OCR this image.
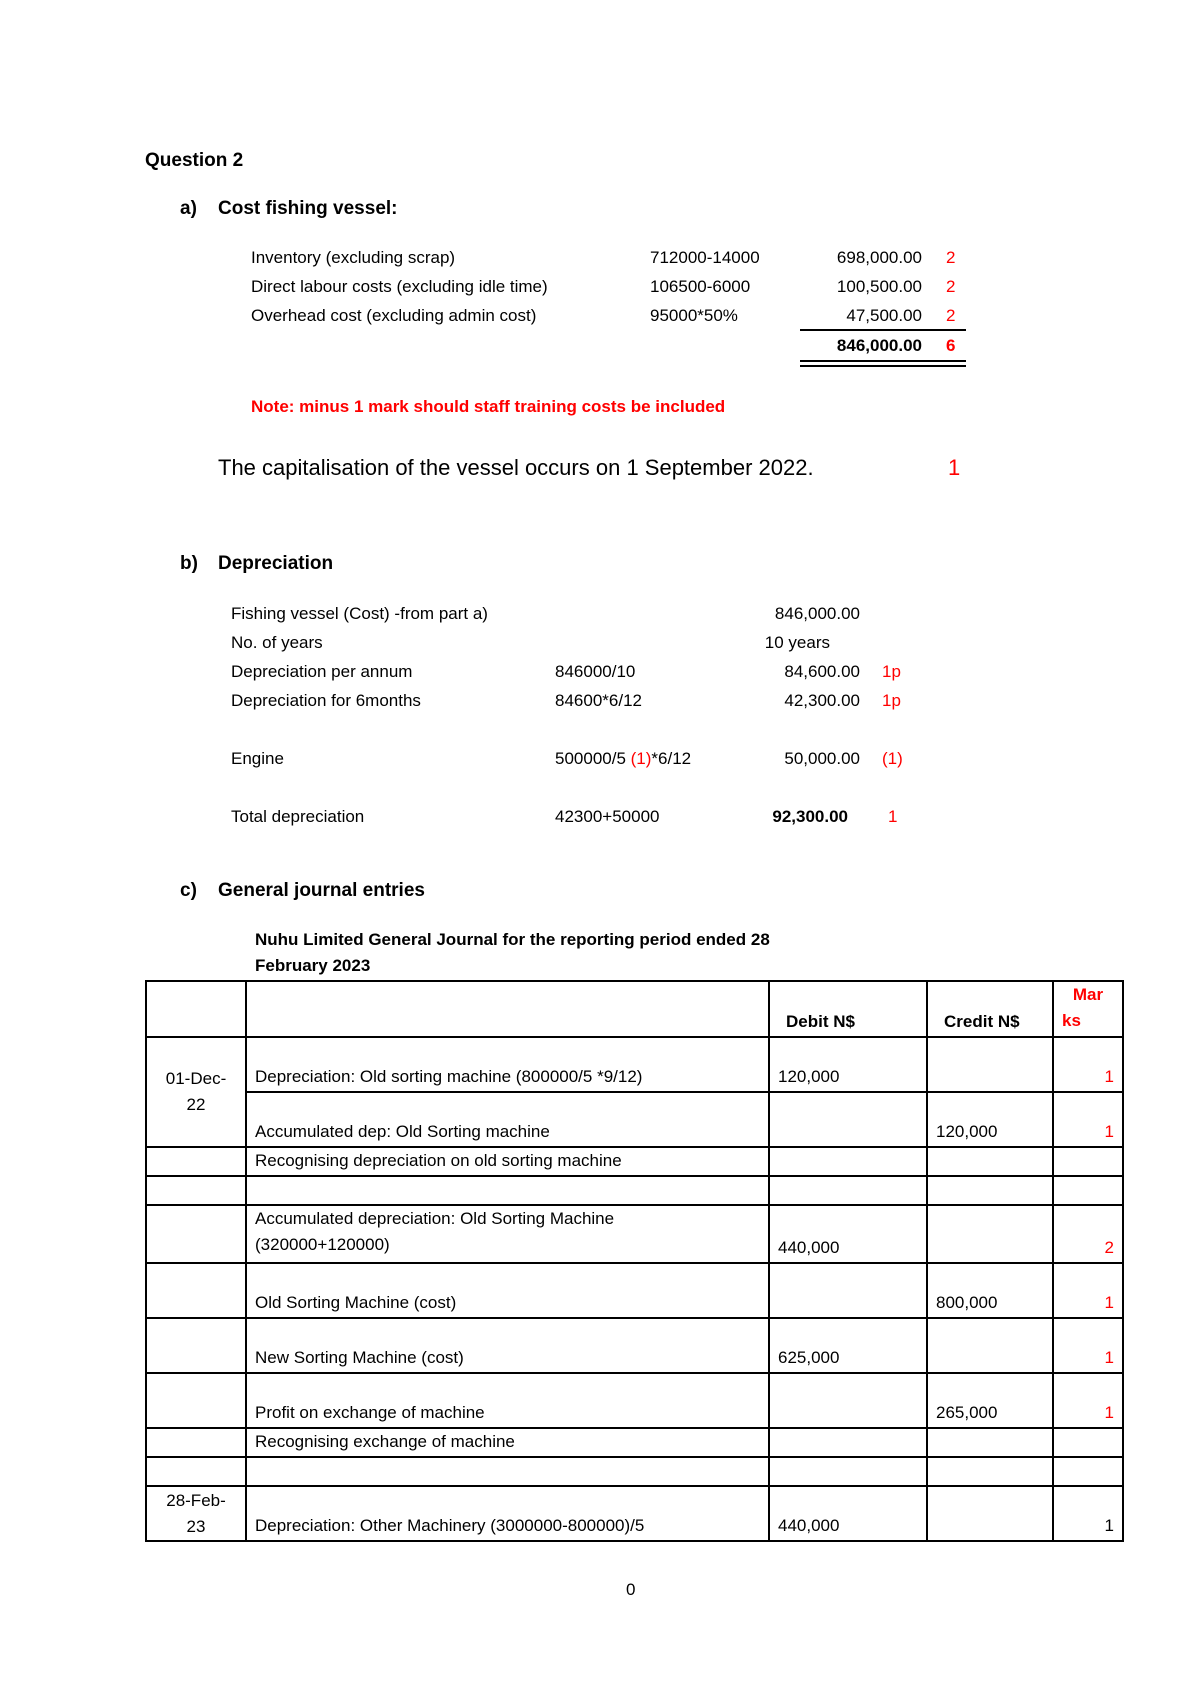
Question 2
a) Cost fishing vessel:
Inventory (excluding scrap)	712000-14000	698,000.00 2
Direct labour costs (excluding idle time)	106500-6000	100,500.00 2
Overhead cost (excluding admin cost)	95000*50%	47,500.00 2
846,000.00 6
Note: minus 1 mark should staff training costs be included
The capitalisation of the vessel occurs on 1 September 2022.	1
b) Depreciation
Fishing vessel (Cost) -from part a)	846,000.00
No. of years	10 years
Depreciation per annum	846000/10	84,600.00 1p
Depreciation for 6months	84600*6/12	42,300.00 1p
Engine	500000/5 (1)*6/12	50,000.00 (1)
Total depreciation	42300+50000	92,300.00 1
c) General journal entries
Nuhu Limited General Journal for the reporting period ended 28
February 2023
		Debit N$	Credit N$	Mar
ks

01-Dec-
22	Depreciation: Old sorting machine (800000/5 *9/12)	120,000		1
	Accumulated dep: Old Sorting machine		120,000	1
	Recognising depreciation on old sorting machine			

	Accumulated depreciation: Old Sorting Machine
(320000+120000)	440,000		2
	Old Sorting Machine (cost)		800,000	1
	New Sorting Machine (cost)	625,000		1
	Profit on exchange of machine		265,000	1
	Recognising exchange of machine			

28-Feb-
23	Depreciation: Other Machinery (3000000-800000)/5	440,000		1
0
